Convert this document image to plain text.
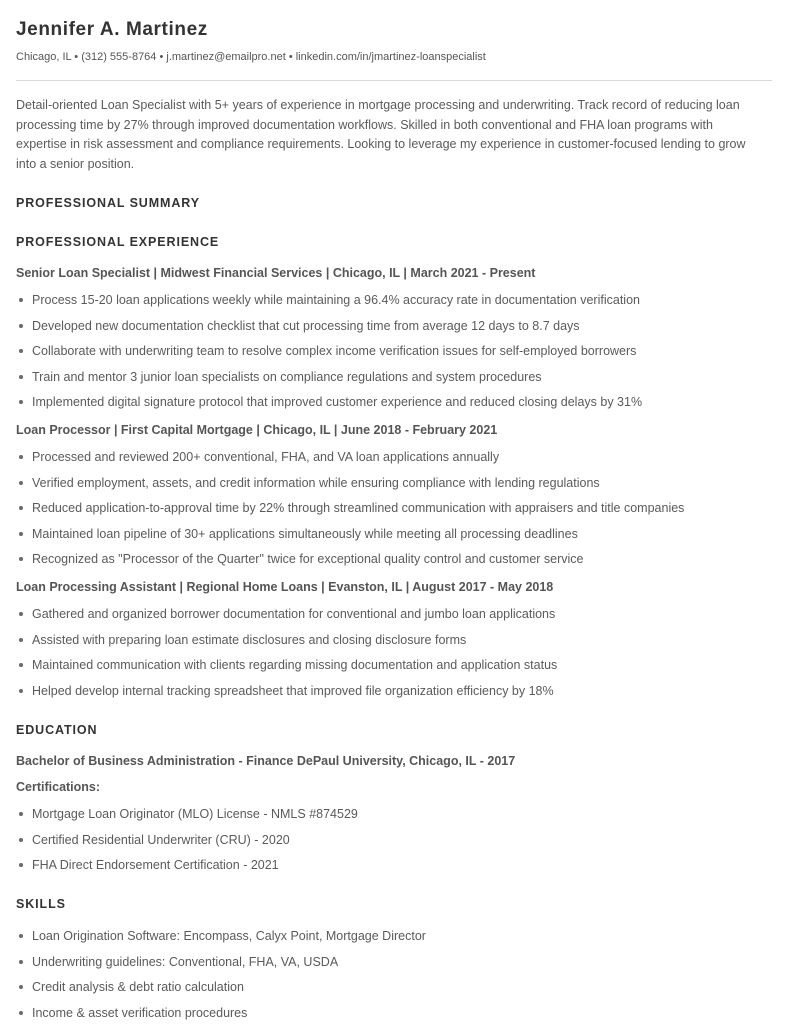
Jennifer A. Martinez
Chicago, IL • (312) 555-8764 • j.martinez@emailpro.net • linkedin.com/in/jmartinez-loanspecialist

Detail-oriented Loan Specialist with 5+ years of experience in mortgage processing and underwriting. Track record of reducing loan processing time by 27% through improved documentation workflows. Skilled in both conventional and FHA loan programs with expertise in risk assessment and compliance requirements. Looking to leverage my experience in customer-focused lending to grow into a senior position.

PROFESSIONAL SUMMARY
PROFESSIONAL EXPERIENCE
Senior Loan Specialist | Midwest Financial Services | Chicago, IL | March 2021 - Present
Process 15-20 loan applications weekly while maintaining a 96.4% accuracy rate in documentation verification
Developed new documentation checklist that cut processing time from average 12 days to 8.7 days
Collaborate with underwriting team to resolve complex income verification issues for self-employed borrowers
Train and mentor 3 junior loan specialists on compliance regulations and system procedures
Implemented digital signature protocol that improved customer experience and reduced closing delays by 31%
Loan Processor | First Capital Mortgage | Chicago, IL | June 2018 - February 2021
Processed and reviewed 200+ conventional, FHA, and VA loan applications annually
Verified employment, assets, and credit information while ensuring compliance with lending regulations
Reduced application-to-approval time by 22% through streamlined communication with appraisers and title companies
Maintained loan pipeline of 30+ applications simultaneously while meeting all processing deadlines
Recognized as "Processor of the Quarter" twice for exceptional quality control and customer service
Loan Processing Assistant | Regional Home Loans | Evanston, IL | August 2017 - May 2018
Gathered and organized borrower documentation for conventional and jumbo loan applications
Assisted with preparing loan estimate disclosures and closing disclosure forms
Maintained communication with clients regarding missing documentation and application status
Helped develop internal tracking spreadsheet that improved file organization efficiency by 18%
EDUCATION
Bachelor of Business Administration - Finance DePaul University, Chicago, IL - 2017
Certifications:
Mortgage Loan Originator (MLO) License - NMLS #874529
Certified Residential Underwriter (CRU) - 2020
FHA Direct Endorsement Certification - 2021
SKILLS
Loan Origination Software: Encompass, Calyx Point, Mortgage Director
Underwriting guidelines: Conventional, FHA, VA, USDA
Credit analysis & debt ratio calculation
Income & asset verification procedures
